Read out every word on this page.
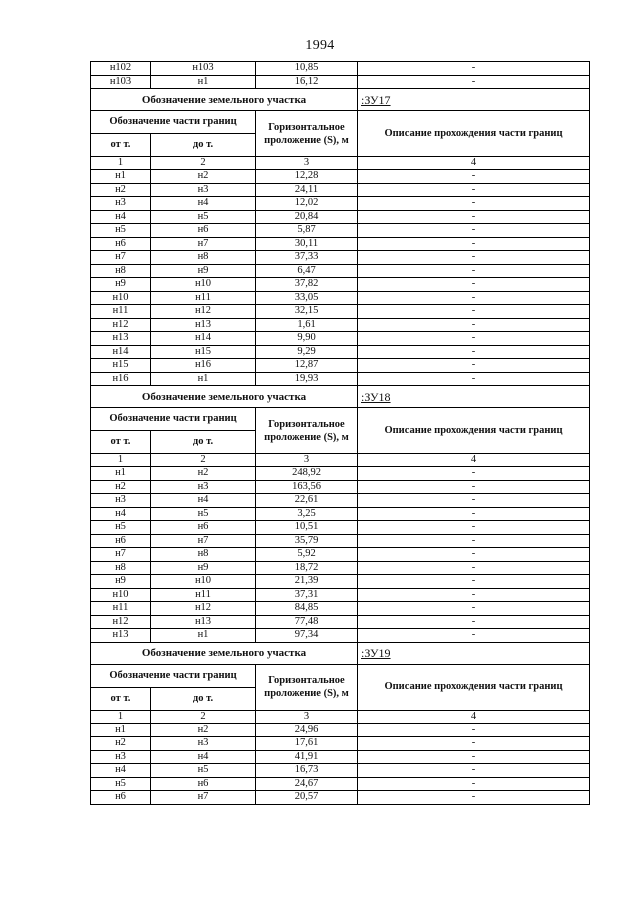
1994
н102	н103	10,85	-
н103	н1	16,12	-
Обозначение земельного участка			:ЗУ17
Обозначение части границ		Горизонтальное проложение (S), м	Описание прохождения части границ
от т.	до т.		
1	2	3	4
н1	н2	12,28	-
н2	н3	24,11	-
н3	н4	12,02	-
н4	н5	20,84	-
н5	н6	5,87	-
н6	н7	30,11	-
н7	н8	37,33	-
н8	н9	6,47	-
н9	н10	37,82	-
н10	н11	33,05	-
н11	н12	32,15	-
н12	н13	1,61	-
н13	н14	9,90	-
н14	н15	9,29	-
н15	н16	12,87	-
н16	н1	19,93	-
Обозначение земельного участка			:ЗУ18
Обозначение части границ		Горизонтальное проложение (S), м	Описание прохождения части границ
от т.	до т.		
1	2	3	4
н1	н2	248,92	-
н2	н3	163,56	-
н3	н4	22,61	-
н4	н5	3,25	-
н5	н6	10,51	-
н6	н7	35,79	-
н7	н8	5,92	-
н8	н9	18,72	-
н9	н10	21,39	-
н10	н11	37,31	-
н11	н12	84,85	-
н12	н13	77,48	-
н13	н1	97,34	-
Обозначение земельного участка			:ЗУ19
Обозначение части границ		Горизонтальное проложение (S), м	Описание прохождения части границ
от т.	до т.		
1	2	3	4
н1	н2	24,96	-
н2	н3	17,61	-
н3	н4	41,91	-
н4	н5	16,73	-
н5	н6	24,67	-
н6	н7	20,57	-
